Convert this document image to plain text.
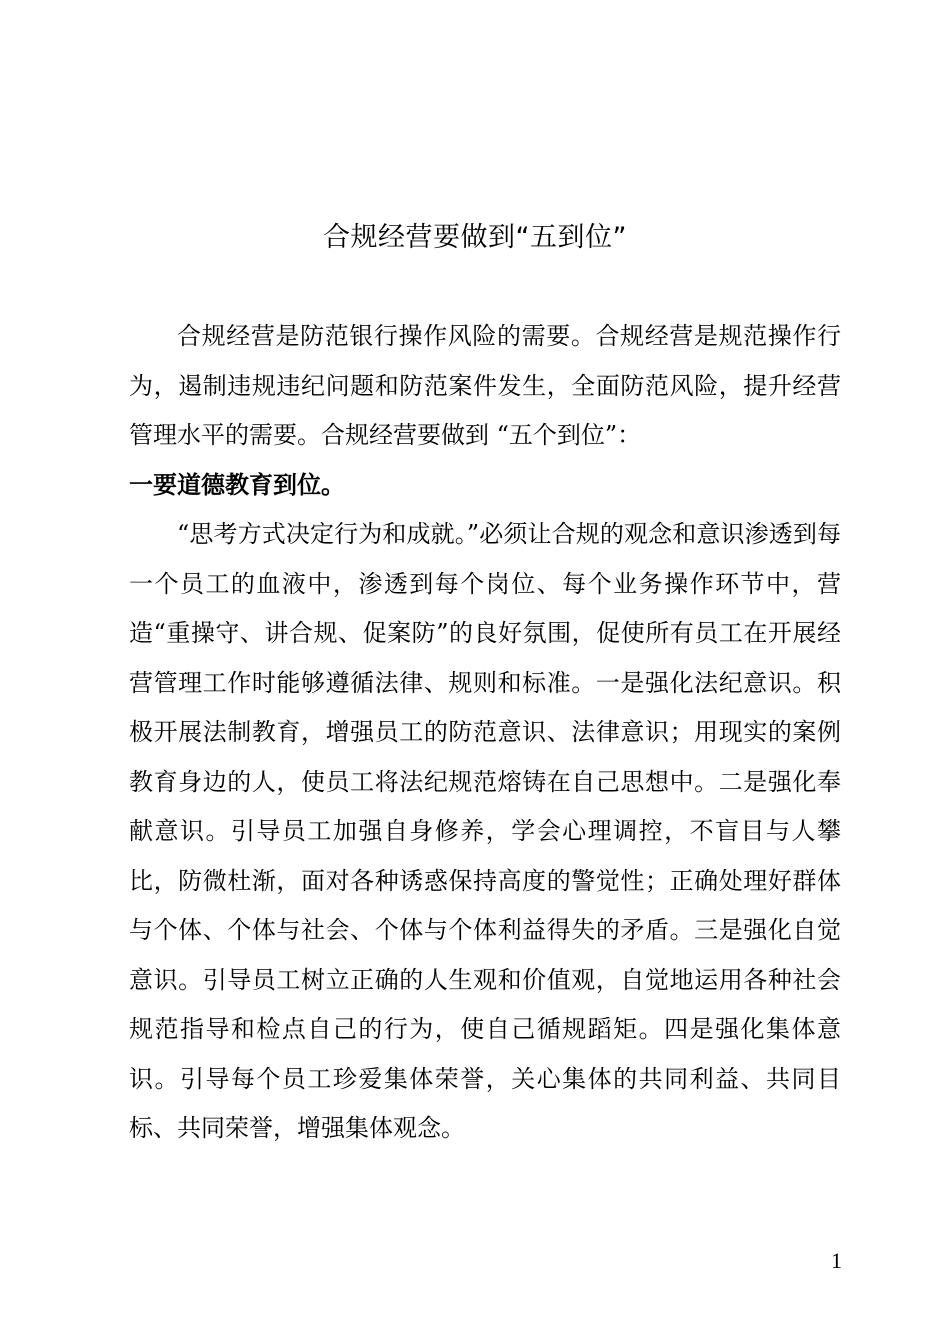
合规经营要做到“五到位”

合规经营是防范银行操作风险的需要。合规经营是规范操作行为，遏制违规违纪问题和防范案件发生，全面防范风险，提升经营管理水平的需要。合规经营要做到 “五个到位”：

一要道德教育到位。

“思考方式决定行为和成就。”必须让合规的观念和意识渗透到每一个员工的血液中，渗透到每个岗位、每个业务操作环节中，营造“重操守、讲合规、促案防”的良好氛围，促使所有员工在开展经营管理工作时能够遵循法律、规则和标准。一是强化法纪意识。积极开展法制教育，增强员工的防范意识、法律意识；用现实的案例教育身边的人，使员工将法纪规范熔铸在自己思想中。二是强化奉献意识。引导员工加强自身修养，学会心理调控，不盲目与人攀比，防微杜渐，面对各种诱惑保持高度的警觉性；正确处理好群体与个体、个体与社会、个体与个体利益得失的矛盾。三是强化自觉意识。引导员工树立正确的人生观和价值观，自觉地运用各种社会规范指导和检点自己的行为，使自己循规蹈矩。四是强化集体意识。引导每个员工珍爱集体荣誉，关心集体的共同利益、共同目标、共同荣誉，增强集体观念。

1
